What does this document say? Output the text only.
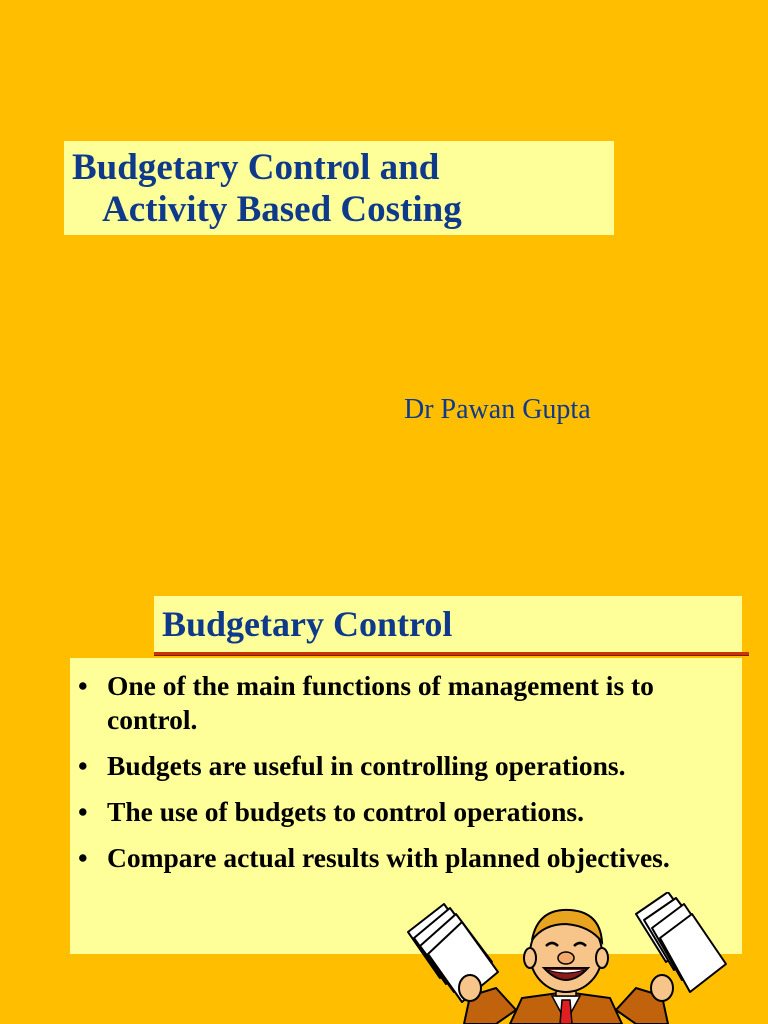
Budgetary Control and
Activity Based Costing
Dr Pawan Gupta
Budgetary Control
• One of the main functions of management is to control.
• Budgets are useful in controlling operations.
• The use of budgets to control operations.
• Compare actual results with planned objectives.
